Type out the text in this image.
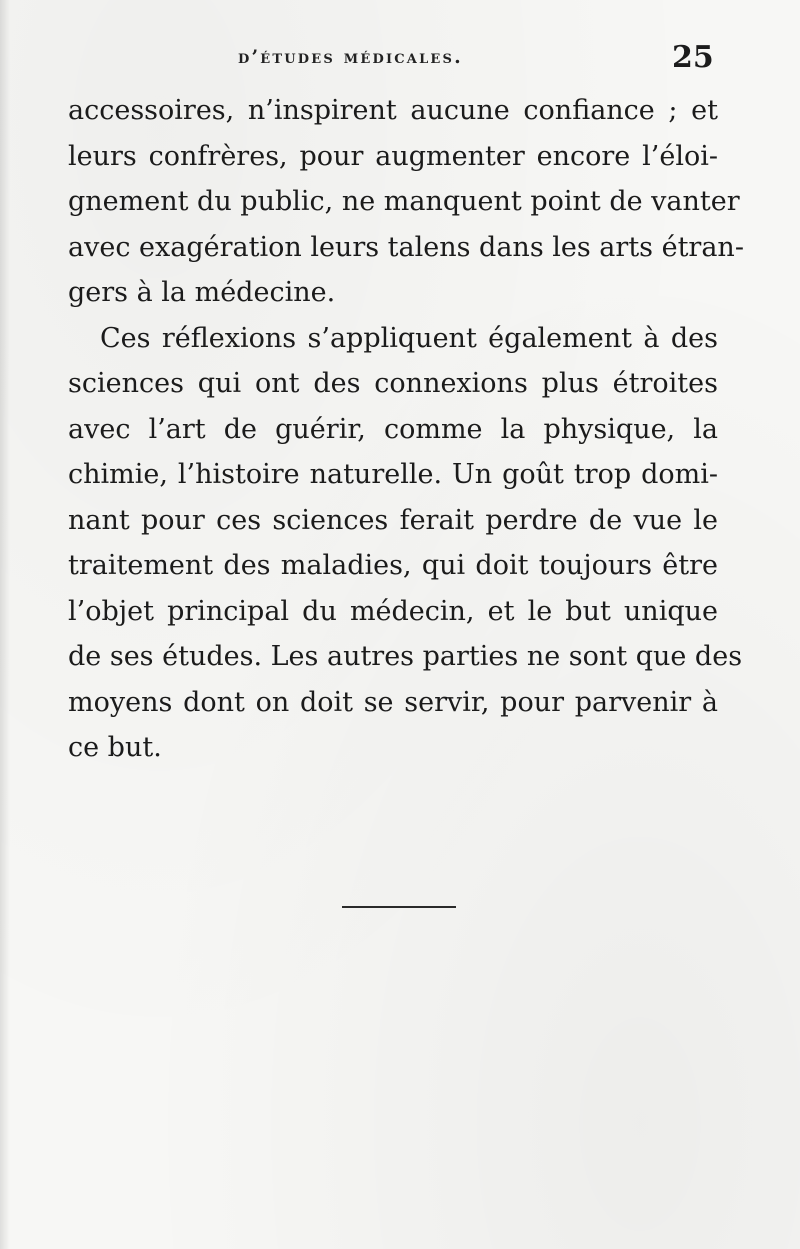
d’études médicales.	25

accessoires, n’inspirent aucune confiance ; et
leurs confrères, pour augmenter encore l’éloi-
gnement du public, ne manquent point de vanter
avec exagération leurs talens dans les arts étran-
gers à la médecine.

Ces réflexions s’appliquent également à des
sciences qui ont des connexions plus étroites
avec l’art de guérir, comme la physique, la
chimie, l’histoire naturelle. Un goût trop domi-
nant pour ces sciences ferait perdre de vue le
traitement des maladies, qui doit toujours être
l’objet principal du médecin, et le but unique
de ses études. Les autres parties ne sont que des
moyens dont on doit se servir, pour parvenir à
ce but.
